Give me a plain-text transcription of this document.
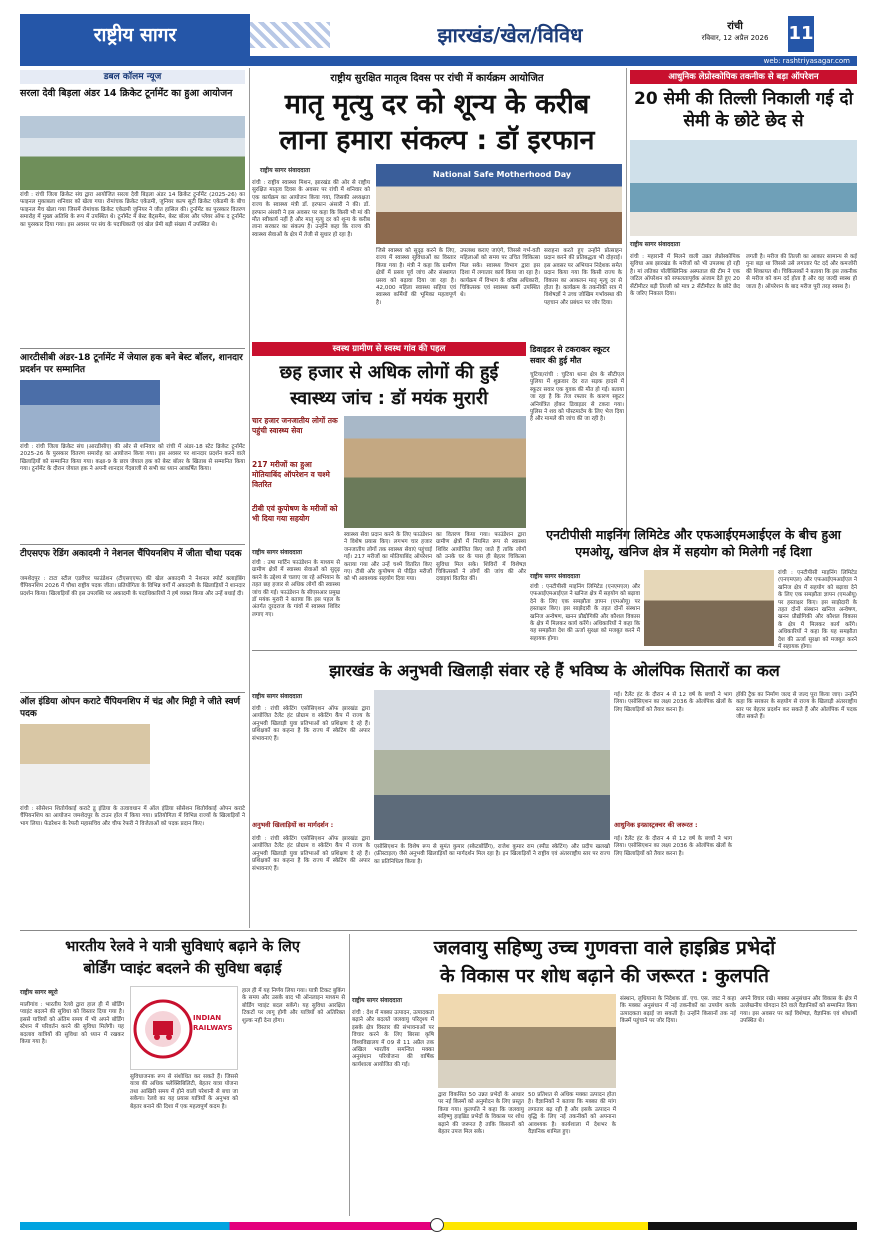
राष्ट्रीय सागर	झारखंड/खेल/विविध	रांची
रविवार, 12 अप्रैल 2026	11
web: rashtriyasagar.com
डबल कॉलम न्यूज
सरला देवी बिड़ला अंडर 14 क्रिकेट टूर्नामेंट का हुआ आयोजन
रांची : रांची जिला क्रिकेट संघ द्वारा आयोजित सरला देवी बिड़ला अंडर 14 क्रिकेट टूर्नामेंट (2025-26) का फाइनल मुकाबला शनिवार को खेला गया। रोमांचक क्रिकेट एकेडमी, जुनियर कल्प सूटी क्रिकेट एकेडमी के बीच फाइनल मैच खेला गया जिसमें रोमांचक क्रिकेट एकेडमी जुनियर ने जीत हासिल की। टूर्नामेंट का पुरस्कार वितरण समारोह में मुख्य अतिथि के रूप में उपस्थित थे। टूर्नामेंट में बेस्ट बैट्समैन, बेस्ट बॉलर और प्लेयर ऑफ द टूर्नामेंट का पुरस्कार दिया गया। इस अवसर पर संघ के पदाधिकारी एवं खेल प्रेमी बड़ी संख्या में उपस्थित थे।
आरटीसीबी अंडर-18 टूर्नामेंट में जेयाल हक बने बेस्ट बॉलर, शानदार प्रदर्शन पर सम्मानित
रांची : रांची जिला क्रिकेट संघ (आरडीसीए) की ओर से शनिवार को रांची में अंडर-18 स्टेट क्रिकेट टूर्नामेंट 2025-26 के पुरस्कार वितरण समारोह का आयोजन किया गया। इस अवसर पर शानदार प्रदर्शन करने वाले खिलाड़ियों को सम्मानित किया गया। कक्षा-9 के छात्र जेयाल हक को बेस्ट बॉलर के खिताब से सम्मानित किया गया। टूर्नामेंट के दौरान जेयाल हक ने अपनी शानदार गेंदबाजी से सभी का ध्यान आकर्षित किया।
टीएसएफ रेडिंग अकादमी ने नेशनल चैंपियनशिप में जीता चौथा पदक
जमशेदपुर : टाटा स्टील एडवेंचर फाउंडेशन (टीएसएएफ) की खेल अकादमी ने नेशनल स्पोर्ट क्लाइंबिंग चैंपियनशिप 2026 में चौथा राष्ट्रीय पदक जीता। प्रतियोगिता के विभिन्न वर्गों में अकादमी के खिलाड़ियों ने शानदार प्रदर्शन किया। खिलाड़ियों की इस उपलब्धि पर अकादमी के पदाधिकारियों ने हर्ष व्यक्त किया और उन्हें बधाई दी।
ऑल इंडिया ओपन कराटे चैंपियनशिप में चंद्र और मिट्टी ने जीते स्वर्ण पदक
रांची : सोसेशन शितोर्यकाई कराटे डू इंडिया के तत्वावधान में ऑल इंडिया सोसेशन शितोर्यकाई ओपन कराटे चैंपियनशिप का आयोजन जमशेदपुर के टाउन हॉल में किया गया। प्रतियोगिता में विभिन्न राज्यों के खिलाड़ियों ने भाग लिया। फेडरेशन के रेफरी महासचिव और चीफ रेफरी ने विजेताओं को पदक प्रदान किए।
राष्ट्रीय सुरक्षित मातृत्व दिवस पर रांची में कार्यक्रम आयोजित
मातृ मृत्यु दर को शून्य के करीब
लाना हमारा संकल्प : डॉ इरफान
राष्ट्रीय सागर संवाददाता
रांची : राष्ट्रीय स्वास्थ्य मिशन, झारखंड की ओर से राष्ट्रीय सुरक्षित मातृत्व दिवस के अवसर पर रांची में शनिवार को एक कार्यक्रम का आयोजन किया गया, जिसकी अध्यक्षता राज्य के स्वास्थ्य मंत्री डॉ. इरफान अंसारी ने की। डॉ. इरफान अंसारी ने इस अवसर पर कहा कि किसी भी मां की मौत स्वीकार्य नहीं है और मातृ मृत्यु दर को शून्य के करीब लाना सरकार का संकल्प है। उन्होंने कहा कि राज्य की स्वास्थ्य सेवाओं के क्षेत्र में तेजी से सुधार हो रहा है।
National Safe Motherhood Day
जिसे स्वास्थ्य को सुदृढ़ करने के लिए, राज्य में स्वास्थ्य सुविधाओं का विस्तार किया गया है। मंत्री ने कहा कि ग्रामीण क्षेत्रों में प्रसव पूर्व जांच और संस्थागत प्रसव को बढ़ावा दिया जा रहा है। 42,000 महिला स्वास्थ्य सहिया एवं स्वास्थ्य कर्मियों की भूमिका महत्वपूर्ण है।
उपलब्ध कराए जाएंगे, जिससे गर्भ-वती महिलाओं को समय पर उचित चिकित्सा मिल सके। स्वास्थ्य विभाग द्वारा इस दिशा में लगातार कार्य किया जा रहा है। कार्यक्रम में विभाग के वरिष्ठ अधिकारी, चिकित्सक एवं स्वास्थ्य कर्मी उपस्थित थे।
सराहना करते हुए उन्होंने प्रोत्साहन प्रदान करने की प्रतिबद्धता भी दोहराई। इस अवसर पर अभियान निदेशक समेत प्रदान किया गया कि किसी राज्य के विकास का आकलन मातृ मृत्यु दर से होता है। कार्यक्रम के तकनीकी सत्र में विशेषज्ञों ने उच्च जोखिम गर्भावस्था की पहचान और प्रबंधन पर जोर दिया।
आधुनिक लेप्रोस्कोपिक तकनीक से बड़ा ऑपरेशन
20 सेमी की तिल्ली निकाली गई दो सेमी के छोटे छेद से
राष्ट्रीय सागर संवाददाता
रांची : महारानी में मिलने वाली उन्नत लेप्रोस्कोपिक सुविधा अब झारखंड के मरीजों को भी उपलब्ध हो रही है। मां लतिका पॉलीक्लिनिक अस्पताल की टीम ने एक जटिल ऑपरेशन को सफलतापूर्वक अंजाम देते हुए 20 सेंटीमीटर बड़ी तिल्ली को मात्र 2 सेंटीमीटर के छोटे छेद के जरिए निकाल दिया।
लगती है। मरीज की तिल्ली का आकार सामान्य से कई गुना बड़ा था जिससे उसे लगातार पेट दर्द और कमजोरी की शिकायत थी। चिकित्सकों ने बताया कि इस तकनीक से मरीज को कम दर्द होता है और वह जल्दी स्वस्थ हो जाता है। ऑपरेशन के बाद मरीज पूरी तरह स्वस्थ है।
स्वस्थ ग्रामीण से स्वस्थ गांव की पहल
छह हजार से अधिक लोगों की हुई
स्वास्थ्य जांच : डॉ मयंक मुरारी
चार हजार जनजातीय लोगों तक पहुंची स्वास्थ्य सेवा
217 मरीजों का हुआ मोतियाबिंद ऑपरेशन व चश्मे वितरित
टीबी एवं कुपोषण के मरीजों को भी दिया गया सहयोग
राष्ट्रीय सागर संवाददाता
रांची : उषा मार्टिन फाउंडेशन के माध्यम से ग्रामीण क्षेत्रों में स्वास्थ्य सेवाओं को सुदृढ़ करने के उद्देश्य से चलाए जा रहे अभियान के तहत छह हजार से अधिक लोगों की स्वास्थ्य जांच की गई। फाउंडेशन के सीएसआर प्रमुख डॉ मयंक मुरारी ने बताया कि इस पहल के अंतर्गत दूरदराज के गांवों में स्वास्थ्य शिविर लगाए गए।
स्वास्थ्य सेवा प्रदान करने के लिए फाउंडेशन ने विशेष प्रयास किए। लगभग चार हजार जनजातीय लोगों तक स्वास्थ्य सेवाएं पहुंचाई गईं। 217 मरीजों का मोतियाबिंद ऑपरेशन कराया गया और उन्हें चश्मे वितरित किए गए। टीबी और कुपोषण से पीड़ित मरीजों को भी आवश्यक सहयोग दिया गया।
का वितरण किया गया। फाउंडेशन द्वारा ग्रामीण क्षेत्रों में नियमित रूप से स्वास्थ्य शिविर आयोजित किए जाते हैं ताकि लोगों को उनके घर के पास ही बेहतर चिकित्सा सुविधा मिल सके। शिविरों में विशेषज्ञ चिकित्सकों ने लोगों की जांच की और दवाइयां वितरित कीं।
डिवाइडर से टकराकर स्कूटर सवार की हुई मौत
चुटिया/रांची : चुटिया थाना क्षेत्र के सीटीएल पुलिया में शुक्रवार देर रात सड़क हादसे में स्कूटर सवार एक युवक की मौत हो गई। बताया जा रहा है कि तेज रफ्तार के कारण स्कूटर अनियंत्रित होकर डिवाइडर से टकरा गया। पुलिस ने शव को पोस्टमार्टम के लिए भेज दिया है और मामले की जांच की जा रही है।
एनटीपीसी माइनिंग लिमिटेड और एफआईएमआईएल के बीच हुआ एमओयू, खनिज क्षेत्र में सहयोग को मिलेगी नई दिशा
राष्ट्रीय सागर संवाददाता
रांची : एनटीपीसी माइनिंग लिमिटेड (एनएमएल) और एफआईएमआईएल ने खनिज क्षेत्र में सहयोग को बढ़ावा देने के लिए एक समझौता ज्ञापन (एमओयू) पर हस्ताक्षर किए। इस साझेदारी के तहत दोनों संस्थान खनिज अन्वेषण, खनन प्रौद्योगिकी और कौशल विकास के क्षेत्र में मिलकर कार्य करेंगे। अधिकारियों ने कहा कि यह समझौता देश की ऊर्जा सुरक्षा को मजबूत करने में सहायक होगा।
रांची : एनटीपीसी माइनिंग लिमिटेड (एनएमएल) और एफआईएमआईएल ने खनिज क्षेत्र में सहयोग को बढ़ावा देने के लिए एक समझौता ज्ञापन (एमओयू) पर हस्ताक्षर किए। इस साझेदारी के तहत दोनों संस्थान खनिज अन्वेषण, खनन प्रौद्योगिकी और कौशल विकास के क्षेत्र में मिलकर कार्य करेंगे। अधिकारियों ने कहा कि यह समझौता देश की ऊर्जा सुरक्षा को मजबूत करने में सहायक होगा।
झारखंड के अनुभवी खिलाड़ी संवार रहे हैं भविष्य के ओलंपिक सितारों का कल
राष्ट्रीय सागर संवाददाता
रांची : रांची स्केटिंग एसोसिएशन ऑफ झारखंड द्वारा आयोजित टैलेंट हंट प्रोग्राम व स्केटिंग कैंप में राज्य के अनुभवी खिलाड़ी युवा प्रतिभाओं को प्रशिक्षण दे रहे हैं। प्रशिक्षकों का कहना है कि राज्य में स्केटिंग की अपार संभावनाएं हैं।
अनुभवी खिलाड़ियों का मार्गदर्शन :
रांची : रांची स्केटिंग एसोसिएशन ऑफ झारखंड द्वारा आयोजित टैलेंट हंट प्रोग्राम व स्केटिंग कैंप में राज्य के अनुभवी खिलाड़ी युवा प्रतिभाओं को प्रशिक्षण दे रहे हैं। प्रशिक्षकों का कहना है कि राज्य में स्केटिंग की अपार संभावनाएं हैं।
एसोसिएशन के विशेष रूप से सुमंत कुमार (स्केटबोर्डिंग), राजेश कुमार राम (स्पीड स्केटिंग) और प्रदीप खलखो (फ्रीस्टाइल) जैसे अनुभवी खिलाड़ियों का मार्गदर्शन मिल रहा है। इन खिलाड़ियों ने राष्ट्रीय एवं अंतरराष्ट्रीय स्तर पर राज्य का प्रतिनिधित्व किया है।
गई। टैलेंट हंट के दौरान 4 से 12 वर्ष के बच्चों ने भाग लिया। एसोसिएशन का लक्ष्य 2036 के ओलंपिक खेलों के लिए खिलाड़ियों को तैयार करना है।
आधुनिक इन्फ्रास्ट्रक्चर की जरूरत :
गई। टैलेंट हंट के दौरान 4 से 12 वर्ष के बच्चों ने भाग लिया। एसोसिएशन का लक्ष्य 2036 के ओलंपिक खेलों के लिए खिलाड़ियों को तैयार करना है।
हॉकी ट्रैक का निर्माण जल्द से जल्द पूरा किया जाए। उन्होंने कहा कि सरकार के सहयोग से राज्य के खिलाड़ी अंतरराष्ट्रीय स्तर पर बेहतर प्रदर्शन कर सकते हैं और ओलंपिक में पदक जीत सकते हैं।
भारतीय रेलवे ने यात्री सुविधाएं बढ़ाने के लिए
बोर्डिंग प्वाइंट बदलने की सुविधा बढ़ाई
राष्ट्रीय सागर ब्यूरो
मालीगांव : भारतीय रेलवे द्वारा हाल ही में बोर्डिंग प्वाइंट बदलने की सुविधा को विस्तार दिया गया है। इससे यात्रियों को अंतिम समय में भी अपने बोर्डिंग स्टेशन में परिवर्तन करने की सुविधा मिलेगी। यह बदलाव यात्रियों की सुविधा को ध्यान में रखकर किया गया है।
INDIAN RAILWAYS
सुविधाजनक रूप से संशोधित कर सकते हैं। जिससे यात्रा की अधिक फ्लेक्सिबिलिटी, बेहतर यात्रा योजना तथा आखिरी समय में होने वाली परेशानी से बचा जा सकेगा। रेलवे का यह प्रयास यात्रियों के अनुभव को बेहतर बनाने की दिशा में एक महत्वपूर्ण कदम है।
हाल ही में यह निर्णय लिया गया। यात्री टिकट बुकिंग के समय और उसके बाद भी ऑनलाइन माध्यम से बोर्डिंग प्वाइंट बदल सकेंगे। यह सुविधा आरक्षित टिकटों पर लागू होगी और यात्रियों को अतिरिक्त शुल्क नहीं देना होगा।
जलवायु सहिष्णु उच्च गुणवत्ता वाले हाइब्रिड प्रभेदों
के विकास पर शोध बढ़ाने की जरूरत : कुलपति
राष्ट्रीय सागर संवाददाता
रांची : देश में मक्का उत्पादन, उत्पादकता बढ़ाने और बदलते जलवायु परिदृश्य में इसके क्षेत्र विस्तार की संभावनाओं पर विचार करने के लिए बिरसा कृषि विश्वविद्यालय में 09 से 11 अप्रैल तक अखिल भारतीय समन्वित मक्का अनुसंधान परियोजना की वार्षिक कार्यशाला आयोजित की गई।
द्वारा विकसित 50 उन्नत प्रभेदों के आधार पर नई किस्मों को अनुमोदन के लिए प्रस्तुत किया गया। कुलपति ने कहा कि जलवायु सहिष्णु हाइब्रिड प्रभेदों के विकास पर शोध बढ़ाने की जरूरत है ताकि किसानों को बेहतर उपज मिल सके।
50 प्रतिशत से अधिक मक्का उत्पादन होता है। वैज्ञानिकों ने बताया कि मक्का की मांग लगातार बढ़ रही है और इसके उत्पादन में वृद्धि के लिए नई तकनीकों को अपनाना आवश्यक है। कार्यशाला में देशभर के वैज्ञानिक शामिल हुए।
संस्थान, लुधियाना के निदेशक डॉ. एच. एस. जाट ने कहा कि मक्का अनुसंधान में नई तकनीकों का उपयोग करके उत्पादकता बढ़ाई जा सकती है। उन्होंने किसानों तक नई किस्में पहुंचाने पर जोर दिया।
अपने विचार रखे। मक्का अनुसंधान और विकास के क्षेत्र में उल्लेखनीय योगदान देने वाले वैज्ञानिकों को सम्मानित किया गया। इस अवसर पर कई विशेषज्ञ, वैज्ञानिक एवं शोधार्थी उपस्थित थे।
